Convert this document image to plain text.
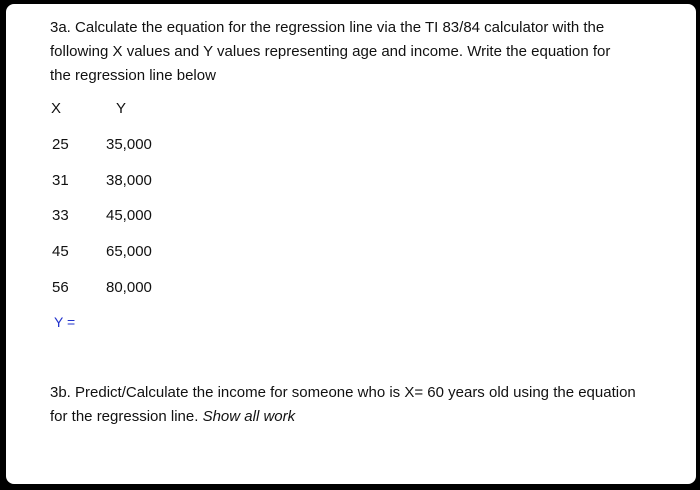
3a. Calculate the equation for the regression line via the TI 83/84 calculator with the
following X values and Y values representing age and income. Write the equation for
the regression line below
X	Y
25 35,000
31 38,000
33 45,000
45 65,000
56 80,000
Y =
3b. Predict/Calculate the income for someone who is X= 60 years old using the equation
for the regression line. Show all work
